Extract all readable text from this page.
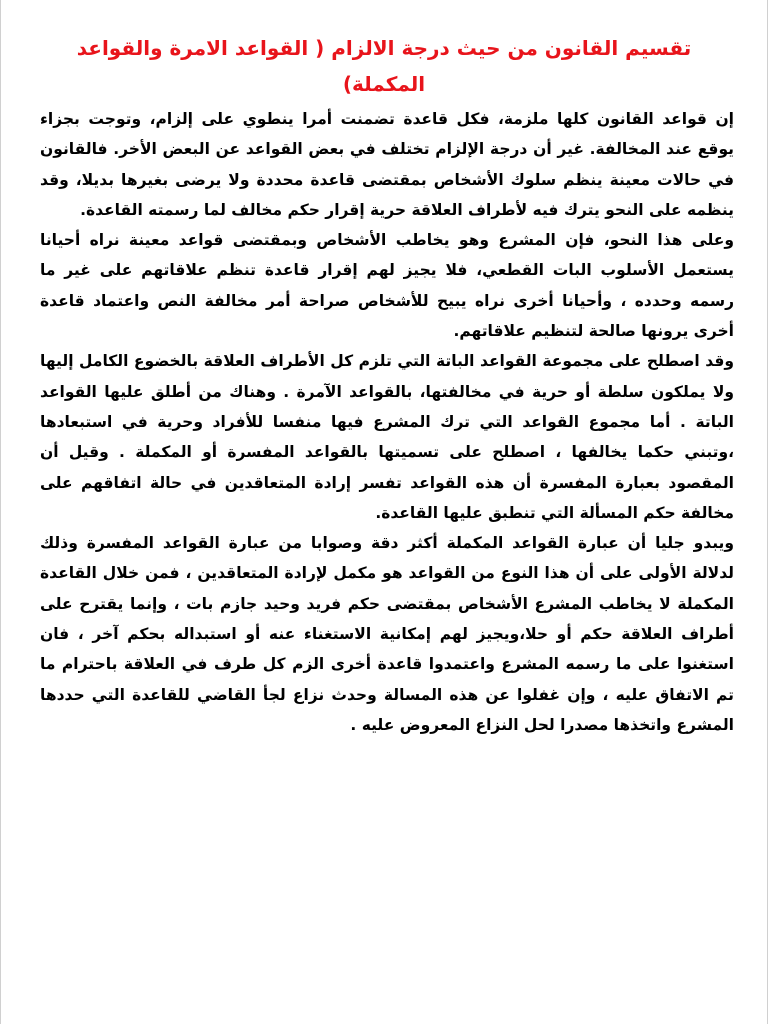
تقسيم القانون من حيث درجة الالزام ( القواعد الامرة والقواعد المكملة)

إن قواعد القانون كلها ملزمة، فكل قاعدة تضمنت أمرا ينطوي على إلزام، وتوجت بجزاء يوقع عند المخالفة. غير أن درجة الإلزام تختلف في بعض القواعد عن البعض الأخر. فالقانون في حالات معينة ينظم سلوك الأشخاص بمقتضى قاعدة محددة ولا يرضى بغيرها بديلا، وقد ينظمه على النحو يترك فيه لأطراف العلاقة حرية إقرار حكم مخالف لما رسمته القاعدة.

وعلى هذا النحو، فإن المشرع وهو يخاطب الأشخاص وبمقتضى قواعد معينة نراه أحيانا يستعمل الأسلوب البات القطعي، فلا يجيز لهم إقرار قاعدة تنظم علاقاتهم على غير ما رسمه وحدده ، وأحيانا أخرى نراه يبيح للأشخاص صراحة أمر مخالفة النص واعتماد قاعدة أخرى يرونها صالحة لتنظيم علاقاتهم.

وقد اصطلح على مجموعة القواعد الباتة التي تلزم كل الأطراف العلاقة بالخضوع الكامل إليها ولا يملكون سلطة أو حرية في مخالفتها، بالقواعد الآمرة . وهناك من أطلق عليها القواعد الباتة . أما مجموع القواعد التي ترك المشرع فيها منفسا للأفراد وحرية في استبعادها ،وتبني حكما يخالفها ، اصطلح على تسميتها بالقواعد المفسرة أو المكملة . وقيل أن المقصود بعبارة المفسرة أن هذه القواعد تفسر إرادة المتعاقدين في حالة اتفاقهم على مخالفة حكم المسألة التي تنطبق عليها القاعدة.

ويبدو جليا أن عبارة القواعد المكملة أكثر دقة وصوابا من عبارة القواعد المفسرة وذلك لدلالة الأولى على أن هذا النوع من القواعد هو مكمل لإرادة المتعاقدين ، فمن خلال القاعدة المكملة لا يخاطب المشرع الأشخاص بمقتضى حكم فريد وحيد جازم بات ، وإنما يقترح على أطراف العلاقة حكم أو حلا،ويجيز لهم إمكانية الاستغناء عنه أو استبداله بحكم آخر ، فان استغنوا على ما رسمه المشرع واعتمدوا قاعدة أخرى الزم كل طرف في العلاقة باحترام ما تم الاتفاق عليه ، وإن غفلوا عن هذه المسالة وحدث نزاع لجأ القاضي للقاعدة التي حددها المشرع واتخذها مصدرا لحل النزاع المعروض عليه .
